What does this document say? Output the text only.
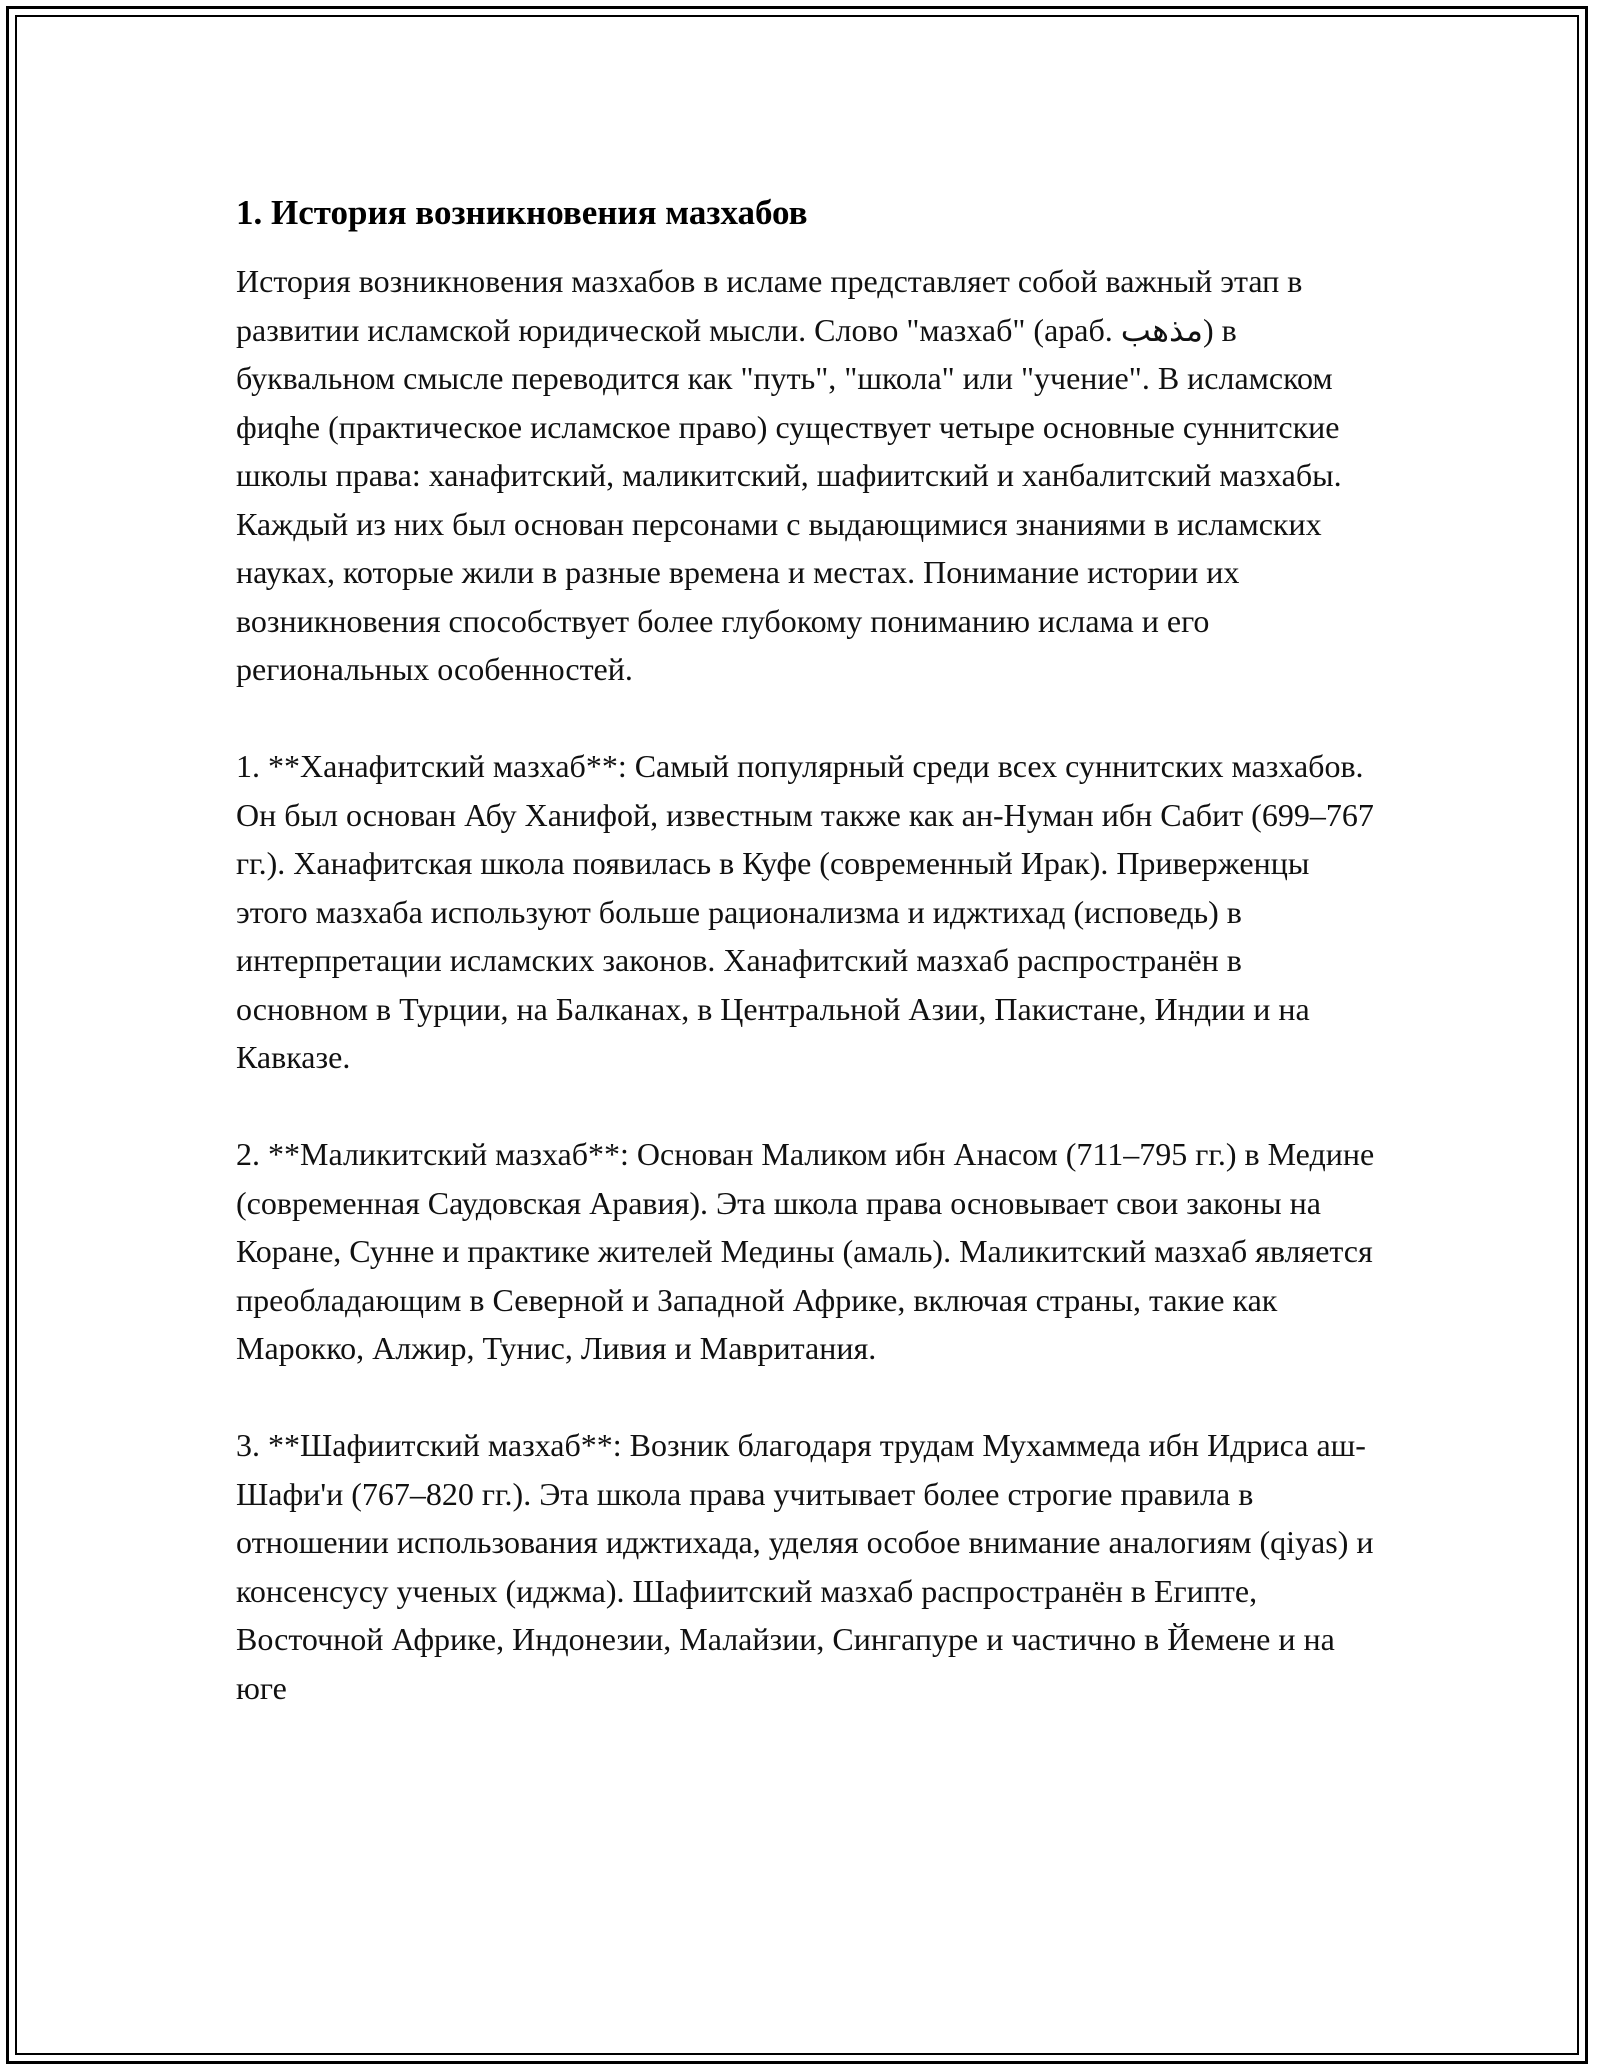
1. История возникновения мазхабов

История возникновения мазхабов в исламе представляет собой важный этап в развитии исламской юридической мысли. Слово "мазхаб" (араб. مذهب) в буквальном смысле переводится как "путь", "школа" или "учение". В исламском фиqhe (практическое исламское право) существует четыре основные суннитские школы права: ханафитский, маликитский, шафиитский и ханбалитский мазхабы. Каждый из них был основан персонами с выдающимися знаниями в исламских науках, которые жили в разные времена и местах. Понимание истории их возникновения способствует более глубокому пониманию ислама и его региональных особенностей.

1. **Ханафитский мазхаб**: Самый популярный среди всех суннитских мазхабов. Он был основан Абу Ханифой, известным также как ан-Нуман ибн Сабит (699–767 гг.). Ханафитская школа появилась в Куфе (современный Ирак). Приверженцы этого мазхаба используют больше рационализма и иджтихад (исповедь) в интерпретации исламских законов. Ханафитский мазхаб распространён в основном в Турции, на Балканах, в Центральной Азии, Пакистане, Индии и на Кавказе.

2. **Маликитский мазхаб**: Основан Маликом ибн Анасом (711–795 гг.) в Медине (современная Саудовская Аравия). Эта школа права основывает свои законы на Коране, Сунне и практике жителей Медины (амаль). Маликитский мазхаб является преобладающим в Северной и Западной Африке, включая страны, такие как Марокко, Алжир, Тунис, Ливия и Мавритания.

3. **Шафиитский мазхаб**: Возник благодаря трудам Мухаммеда ибн Идриса аш-Шафи'и (767–820 гг.). Эта школа права учитывает более строгие правила в отношении использования иджтихада, уделяя особое внимание аналогиям (qiyas) и консенсусу ученых (иджма). Шафиитский мазхаб распространён в Египте, Восточной Африке, Индонезии, Малайзии, Сингапуре и частично в Йемене и на юге
